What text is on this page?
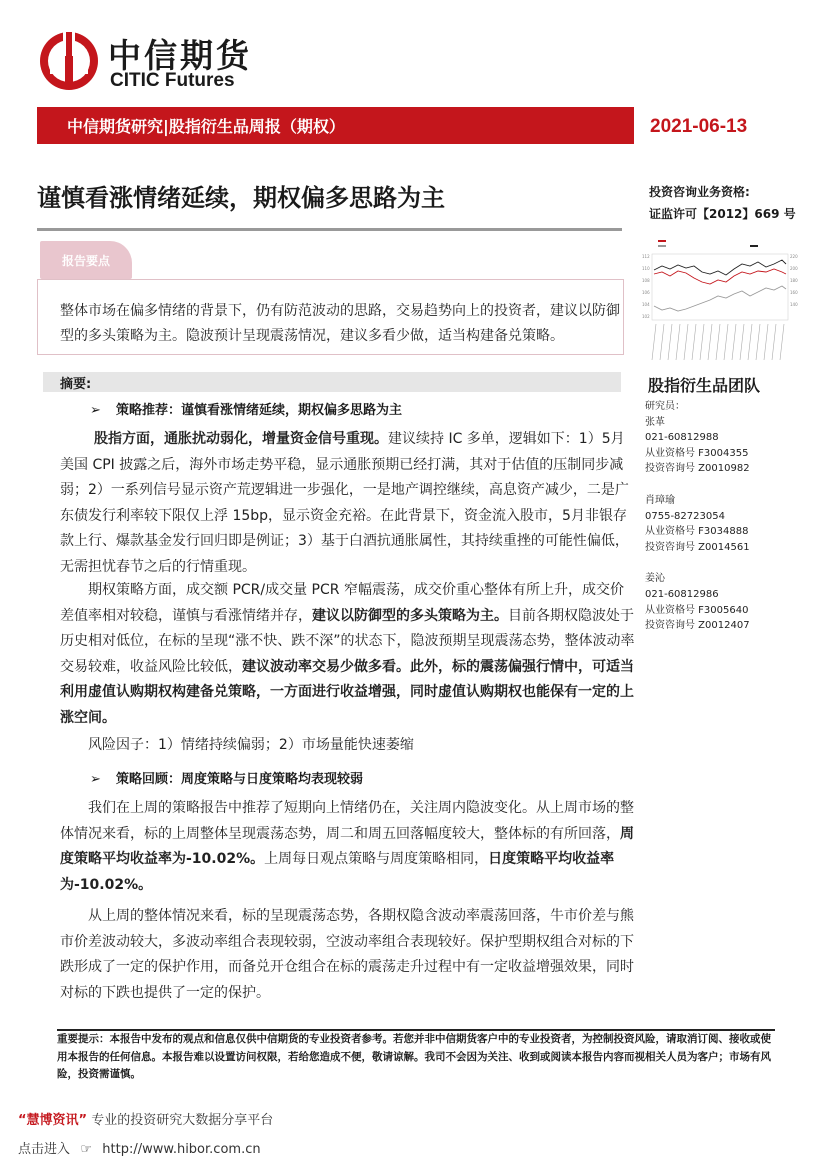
中信期货
CITIC Futures
中信期货研究|股指衍生品周报（期权）	2021-06-13
谨慎看涨情绪延续，期权偏多思路为主	投资咨询业务资格:
证监许可【2012】669 号
报告要点
整体市场在偏多情绪的背景下，仍有防范波动的思路，交易趋势向上的投资者，建议以防御型的多头策略为主。隐波预计呈现震荡情况，建议多看少做，适当构建备兑策略。
112
110
108
106
104
102
220
200
180
160
140
摘要:
➢ 策略推荐：谨慎看涨情绪延续，期权偏多思路为主
股指方面，通胀扰动弱化，增量资金信号重现。建议续持 IC 多单，逻辑如下：1）5月美国 CPI 披露之后，海外市场走势平稳，显示通胀预期已经打满，其对于估值的压制同步减弱；2）一系列信号显示资产荒逻辑进一步强化，一是地产调控继续，高息资产减少，二是广东债发行利率较下限仅上浮 15bp，显示资金充裕。在此背景下，资金流入股市，5月非银存款上行、爆款基金发行回归即是例证；3）基于白酒抗通胀属性，其持续重挫的可能性偏低，无需担忧春节之后的行情重现。
期权策略方面，成交额 PCR/成交量 PCR 窄幅震荡，成交价重心整体有所上升，成交价差值率相对较稳，谨慎与看涨情绪并存，建议以防御型的多头策略为主。目前各期权隐波处于历史相对低位，在标的呈现“涨不快、跌不深”的状态下，隐波预期呈现震荡态势，整体波动率交易较难，收益风险比较低，建议波动率交易少做多看。此外，标的震荡偏强行情中，可适当利用虚值认购期权构建备兑策略，一方面进行收益增强，同时虚值认购期权也能保有一定的上涨空间。
风险因子：1）情绪持续偏弱；2）市场量能快速萎缩
➢ 策略回顾：周度策略与日度策略均表现较弱
我们在上周的策略报告中推荐了短期向上情绪仍在，关注周内隐波变化。从上周市场的整体情况来看，标的上周整体呈现震荡态势，周二和周五回落幅度较大，整体标的有所回落，周度策略平均收益率为-10.02%。上周每日观点策略与周度策略相同，日度策略平均收益率为-10.02%。
从上周的整体情况来看，标的呈现震荡态势，各期权隐含波动率震荡回落，牛市价差与熊市价差波动较大，多波动率组合表现较弱，空波动率组合表现较好。保护型期权组合对标的下跌形成了一定的保护作用，而备兑开仓组合在标的震荡走升过程中有一定收益增强效果，同时对标的下跌也提供了一定的保护。
股指衍生品团队
研究员：
张革
021-60812988
从业资格号 F3004355
投资咨询号 Z0010982
肖璋瑜
0755-82723054
从业资格号 F3034888
投资咨询号 Z0014561
姜沁
021-60812986
从业资格号 F3005640
投资咨询号 Z0012407
重要提示：本报告中发布的观点和信息仅供中信期货的专业投资者参考。若您并非中信期货客户中的专业投资者，为控制投资风险，请取消订阅、接收或使用本报告的任何信息。本报告难以设置访问权限，若给您造成不便，敬请谅解。我司不会因为关注、收到或阅读本报告内容而视相关人员为客户；市场有风险，投资需谨慎。
“慧博资讯” 专业的投资研究大数据分享平台
点击进入 ☞ http://www.hibor.com.cn
